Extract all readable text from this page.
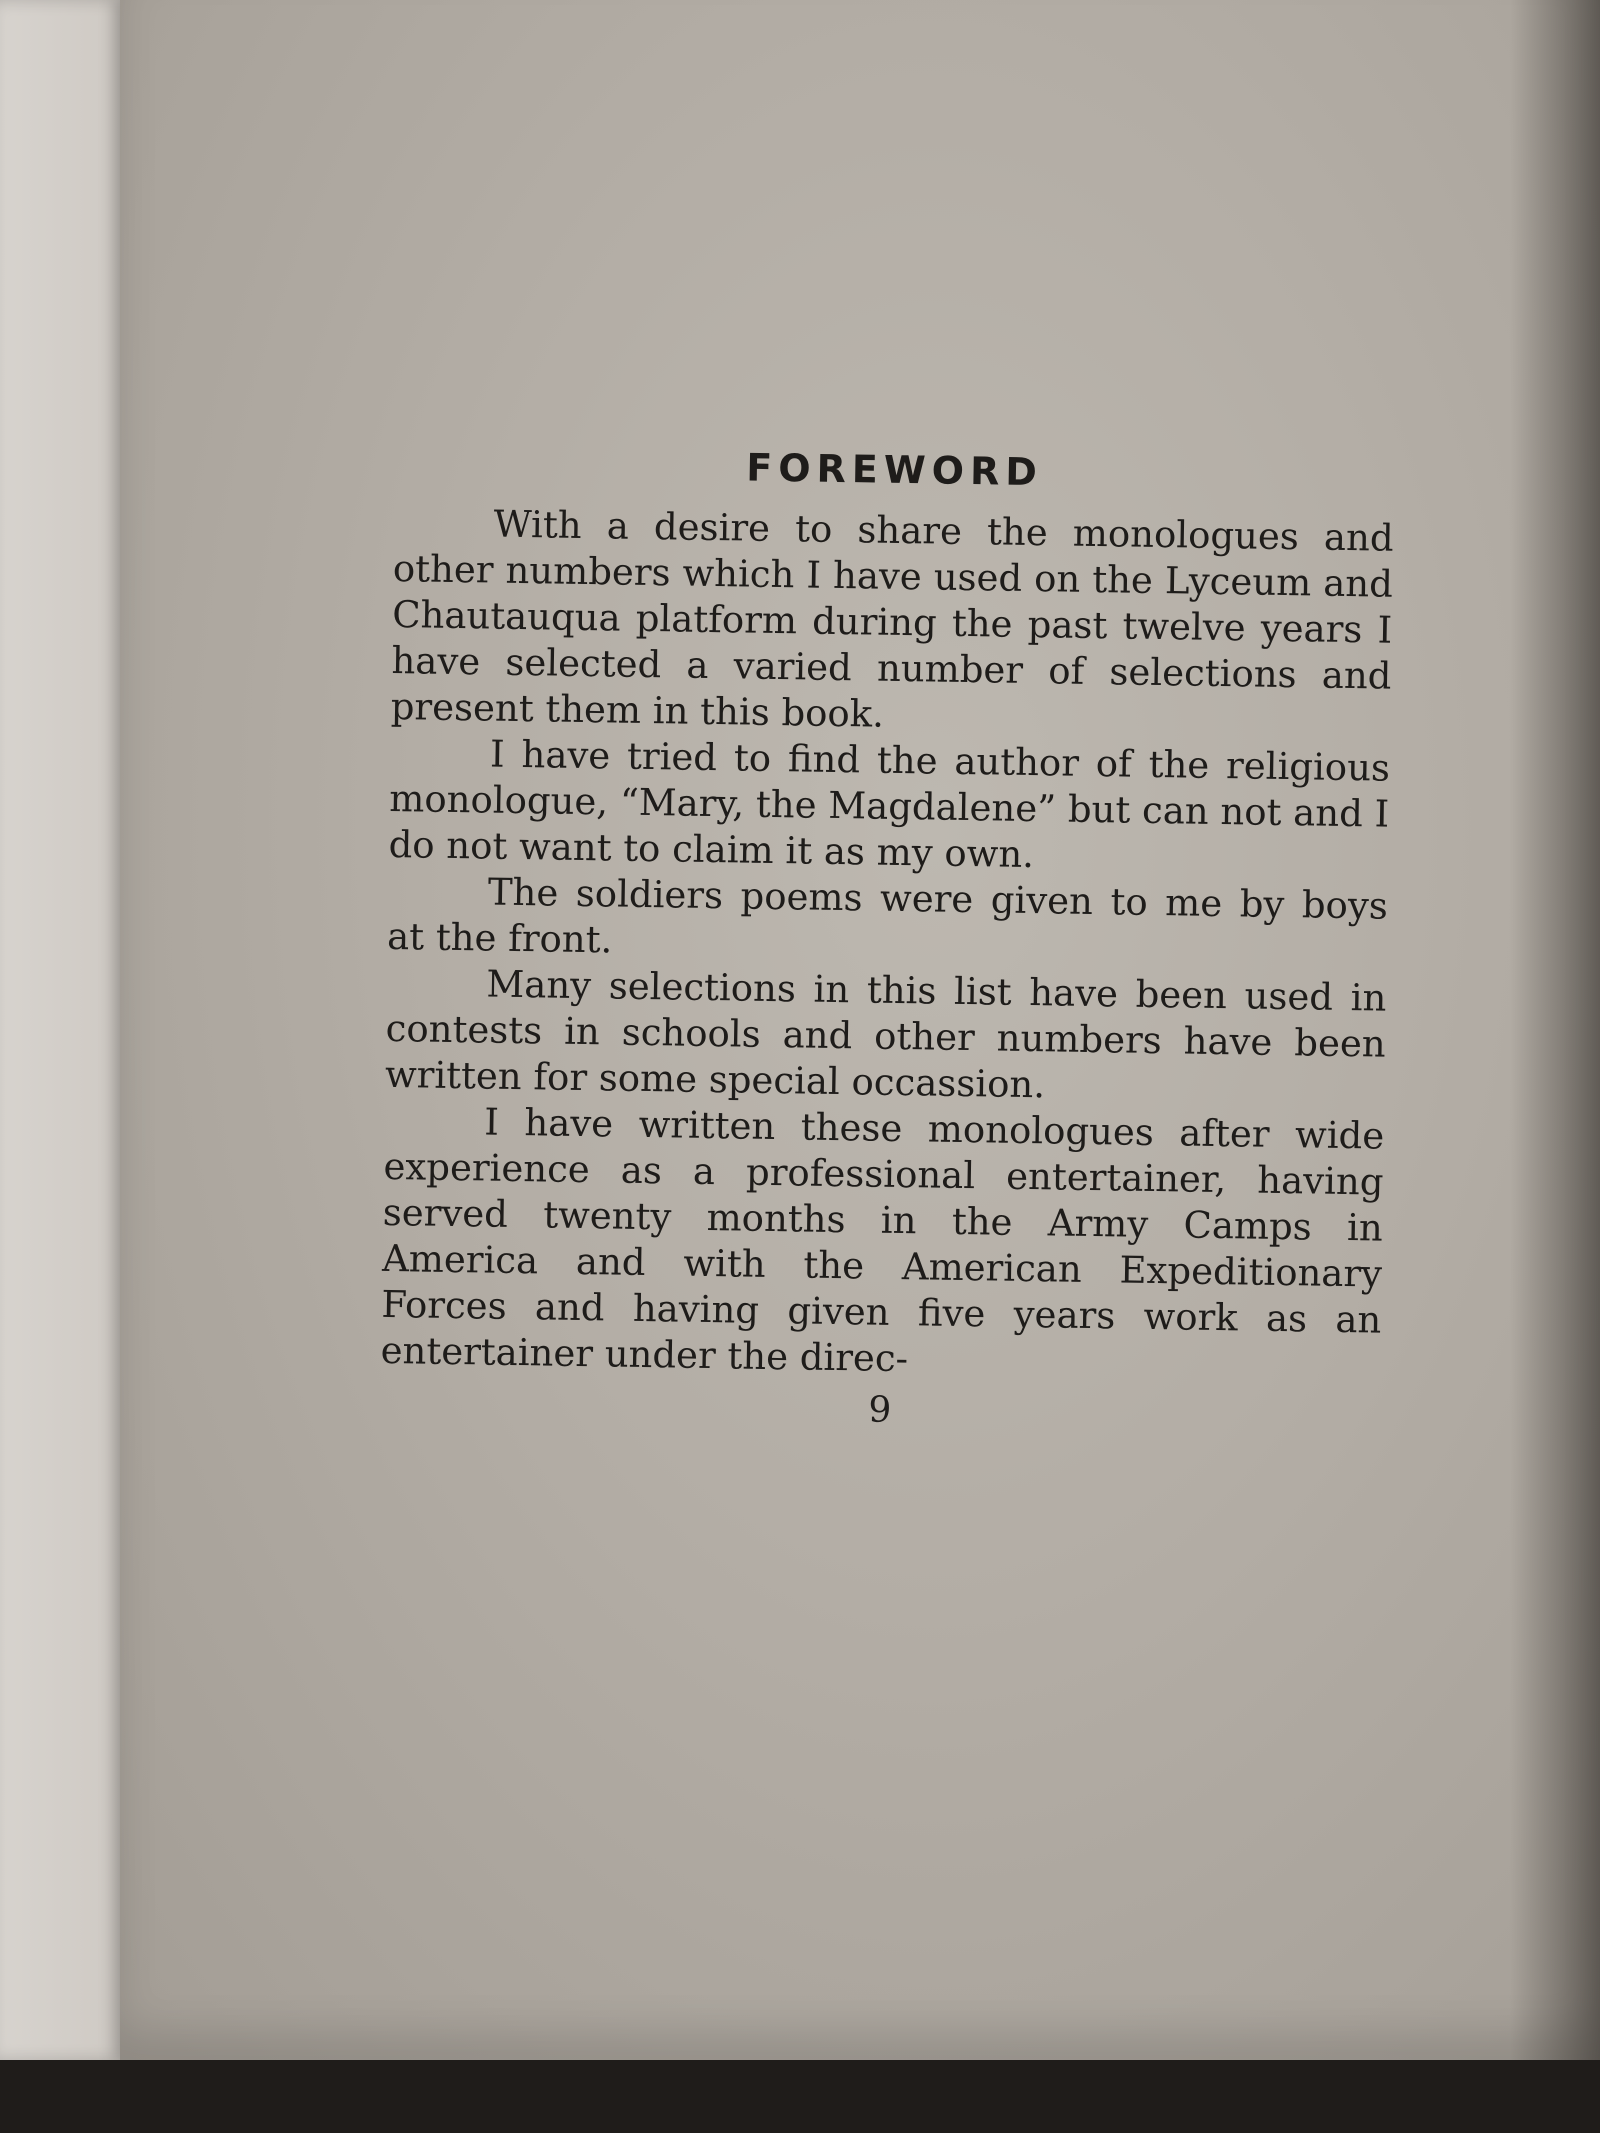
FOREWORD

With a desire to share the monologues and other numbers which I have used on the Lyceum and Chautauqua platform during the past twelve years I have selected a varied number of selections and present them in this book.

I have tried to find the author of the religious monologue, “Mary, the Magdalene” but can not and I do not want to claim it as my own.

The soldiers poems were given to me by boys at the front.

Many selections in this list have been used in contests in schools and other numbers have been written for some special occassion.

I have written these monologues after wide experience as a professional entertainer, having served twenty months in the Army Camps in America and with the American Expeditionary Forces and having given five years work as an entertainer under the direc-

9
